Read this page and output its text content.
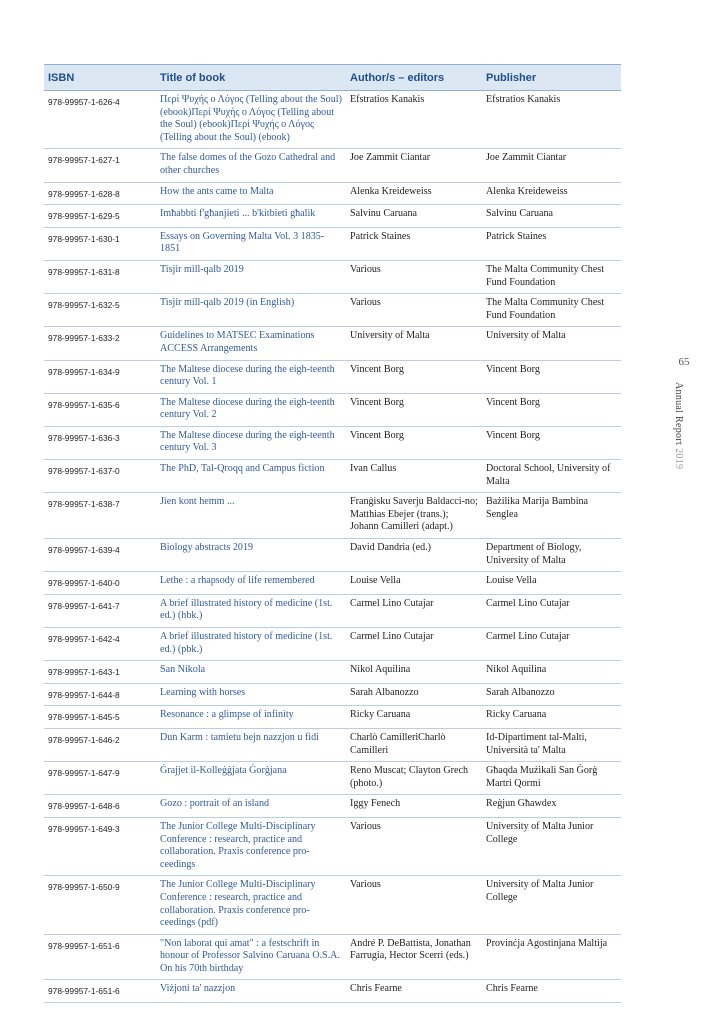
ISBN	Title of book	Author/s – editors	Publisher
978-99957-1-626-4	Περί Ψυχής ο Λόγος (Telling about the Soul) (ebook)Περί Ψυχής ο Λόγος (Telling about the Soul) (ebook)Περί Ψυχής ο Λόγος (Telling about the Soul) (ebook)	Efstratios Kanakis	Efstratios Kanakis
978-99957-1-627-1	The false domes of the Gozo Cathedral and other churches	Joe Zammit Ciantar	Joe Zammit Ciantar
978-99957-1-628-8	How the ants came to Malta	Alenka Kreideweiss	Alenka Kreideweiss
978-99957-1-629-5	Imħabbti f'għanjieti ... b'kitbieti għalik	Salvinu Caruana	Salvinu Caruana
978-99957-1-630-1	Essays on Governing Malta Vol. 3 1835-1851	Patrick Staines	Patrick Staines
978-99957-1-631-8	Tisjir mill-qalb 2019	Various	The Malta Community Chest Fund Foundation
978-99957-1-632-5	Tisjir mill-qalb 2019 (in English)	Various	The Malta Community Chest Fund Foundation
978-99957-1-633-2	Guidelines to MATSEC Examinations ACCESS Arrangements	University of Malta	University of Malta
978-99957-1-634-9	The Maltese diocese during the eigh-teenth century Vol. 1	Vincent Borg	Vincent Borg
978-99957-1-635-6	The Maltese diocese during the eigh-teenth century Vol. 2	Vincent Borg	Vincent Borg
978-99957-1-636-3	The Maltese diocese during the eigh-teenth century Vol. 3	Vincent Borg	Vincent Borg
978-99957-1-637-0	The PhD, Tal-Qroqq and Campus fiction	Ivan Callus	Doctoral School, University of Malta
978-99957-1-638-7	Jien kont hemm ...	Franġisku Saverju Baldacci-no; Matthias Ebejer (trans.); Johann Camilleri (adapt.)	Bażilika Marija Bambina Senglea
978-99957-1-639-4	Biology abstracts 2019	David Dandria (ed.)	Department of Biology, University of Malta
978-99957-1-640-0	Lethe : a rhapsody of life remembered	Louise Vella	Louise Vella
978-99957-1-641-7	A brief illustrated history of medicine (1st. ed.) (hbk.)	Carmel Lino Cutajar	Carmel Lino Cutajar
978-99957-1-642-4	A brief illustrated history of medicine (1st. ed.) (pbk.)	Carmel Lino Cutajar	Carmel Lino Cutajar
978-99957-1-643-1	San Nikola	Nikol Aquilina	Nikol Aquilina
978-99957-1-644-8	Learning with horses	Sarah Albanozzo	Sarah Albanozzo
978-99957-1-645-5	Resonance : a glimpse of infinity	Ricky Caruana	Ricky Caruana
978-99957-1-646-2	Dun Karm : tamietu bejn nazzjon u fidi	Charlò CamilleriCharlò Camilleri	Id-Dipartiment tal-Malti, Università ta' Malta
978-99957-1-647-9	Ġrajjet il-Kolleġġjata Ġorġjana	Reno Muscat; Clayton Grech (photo.)	Għaqda Mużikali San Ġorġ Martri Qormi
978-99957-1-648-6	Gozo : portrait of an island	Iggy Fenech	Reġjun Għawdex
978-99957-1-649-3	The Junior College Multi-Disciplinary Conference : research, practice and collaboration. Praxis conference pro-ceedings	Various	University of Malta Junior College
978-99957-1-650-9	The Junior College Multi-Disciplinary Conference : research, practice and collaboration. Praxis conference pro-ceedings (pdf)	Various	University of Malta Junior College
978-99957-1-651-6	"Non laborat qui amat" : a festschrift in honour of Professor Salvino Caruana O.S.A. On his 70th birthday	André P. DeBattista, Jonathan Farrugia, Hector Scerri (eds.)	Provinċja Agostinjana Maltija
978-99957-1-651-6	Viżjoni ta' nazzjon	Chris Fearne	Chris Fearne
65
Annual Report2019
